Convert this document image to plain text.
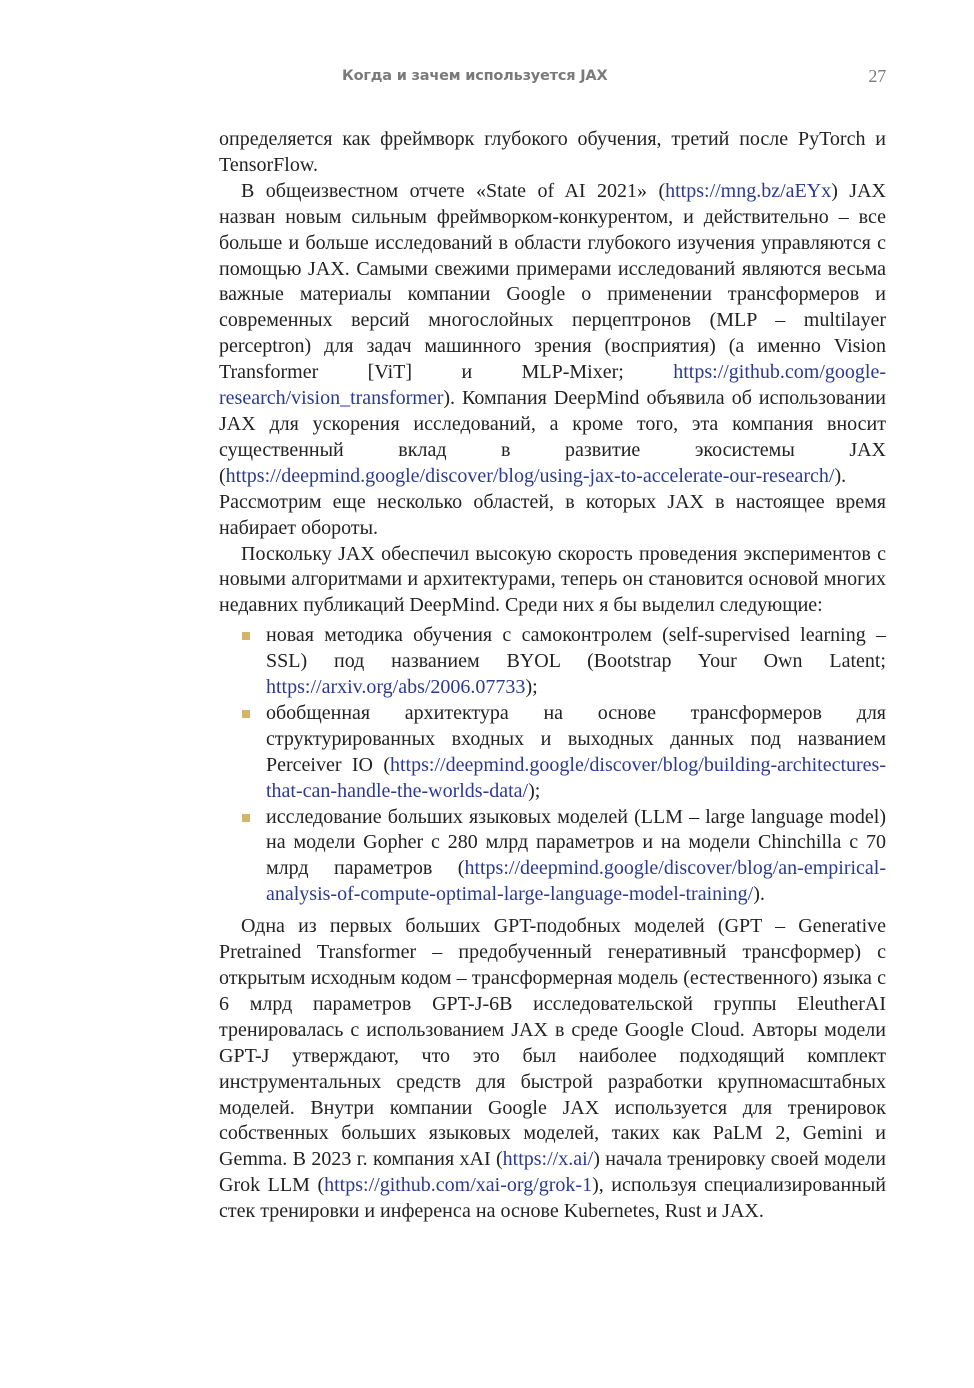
Когда и зачем используется JAX	27

определяется как фреймворк глубокого обучения, третий после PyTorch и TensorFlow.

В общеизвестном отчете «State of AI 2021» (https://mng.bz/aEYx) JAX назван новым сильным фреймворком-конкурентом, и действительно – все больше и больше исследований в области глубокого изучения управляются с помощью JAX. Самыми свежими примерами исследований являются весьма важные материалы компании Google о применении трансформеров и современных версий многослойных перцептронов (MLP – multilayer perceptron) для задач машинного зрения (восприятия) (а именно Vision Transformer [ViT] и MLP-Mixer; https://github.com/google-research/vision_transformer). Компания DeepMind объявила об использовании JAX для ускорения исследований, а кроме того, эта компания вносит существенный вклад в развитие экосистемы JAX (https://deepmind.google/discover/blog/using-jax-to-accelerate-our-research/). Рассмотрим еще несколько областей, в которых JAX в настоящее время набирает обороты.

Поскольку JAX обеспечил высокую скорость проведения экспериментов с новыми алгоритмами и архитектурами, теперь он становится основой многих недавних публикаций DeepMind. Среди них я бы выделил следующие:

новая методика обучения с самоконтролем (self-supervised learning – SSL) под названием BYOL (Bootstrap Your Own Latent; https://arxiv.org/abs/2006.07733);
обобщенная архитектура на основе трансформеров для структурированных входных и выходных данных под названием Perceiver IO (https://deepmind.google/discover/blog/building-architectures-that-can-handle-the-worlds-data/);
исследование больших языковых моделей (LLM – large language model) на модели Gopher с 280 млрд параметров и на модели Chinchilla с 70 млрд параметров (https://deepmind.google/discover/blog/an-empirical-analysis-of-compute-optimal-large-language-model-training/).

Одна из первых больших GPT-подобных моделей (GPT – Generative Pretrained Transformer – предобученный генеративный трансформер) с открытым исходным кодом – трансформерная модель (естественного) языка с 6 млрд параметров GPT-J-6B исследовательской группы EleutherAI тренировалась с использованием JAX в среде Google Cloud. Авторы модели GPT-J утверждают, что это был наиболее подходящий комплект инструментальных средств для быстрой разработки крупномасштабных моделей. Внутри компании Google JAX используется для тренировок собственных больших языковых моделей, таких как PaLM 2, Gemini и Gemma. В 2023 г. компания xAI (https://x.ai/) начала тренировку своей модели Grok LLM (https://github.com/xai-org/grok-1), используя специализированный стек тренировки и инференса на основе Kubernetes, Rust и JAX.
